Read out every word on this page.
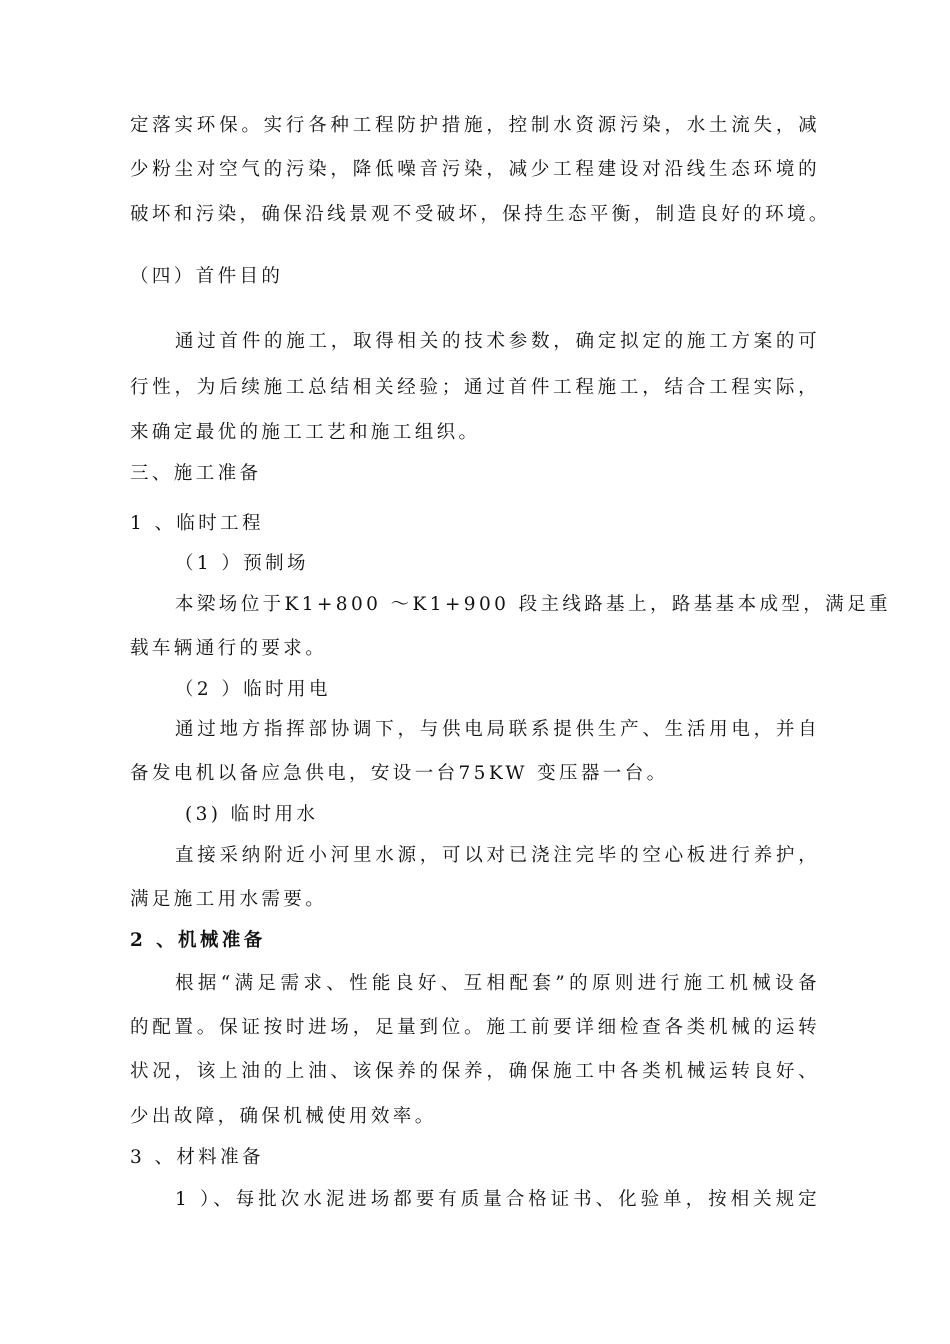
定落实环保。实行各种工程防护措施，控制水资源污染，水土流失，减

少粉尘对空气的污染，降低噪音污染，减少工程建设对沿线生态环境的

破坏和污染，确保沿线景观不受破坏，保持生态平衡，制造良好的环境。

（四）首件目的

通过首件的施工，取得相关的技术参数，确定拟定的施工方案的可

行性，为后续施工总结相关经验；通过首件工程施工，结合工程实际，

来确定最优的施工工艺和施工组织。

三、施工准备

1 、临时工程

（1 ）预制场

本梁场位于K1+800 ～K1+900 段主线路基上，路基基本成型，满足重

载车辆通行的要求。

（2 ）临时用电

通过地方指挥部协调下，与供电局联系提供生产、生活用电，并自

备发电机以备应急供电，安设一台75KW 变压器一台。

(3) 临时用水

直接采纳附近小河里水源，可以对已浇注完毕的空心板进行养护，

满足施工用水需要。

2 、机械准备

根据“满足需求、性能良好、互相配套”的原则进行施工机械设备

的配置。保证按时进场，足量到位。施工前要详细检查各类机械的运转

状况，该上油的上油、该保养的保养，确保施工中各类机械运转良好、

少出故障，确保机械使用效率。

3 、材料准备

1 ）、每批次水泥进场都要有质量合格证书、化验单，按相关规定
